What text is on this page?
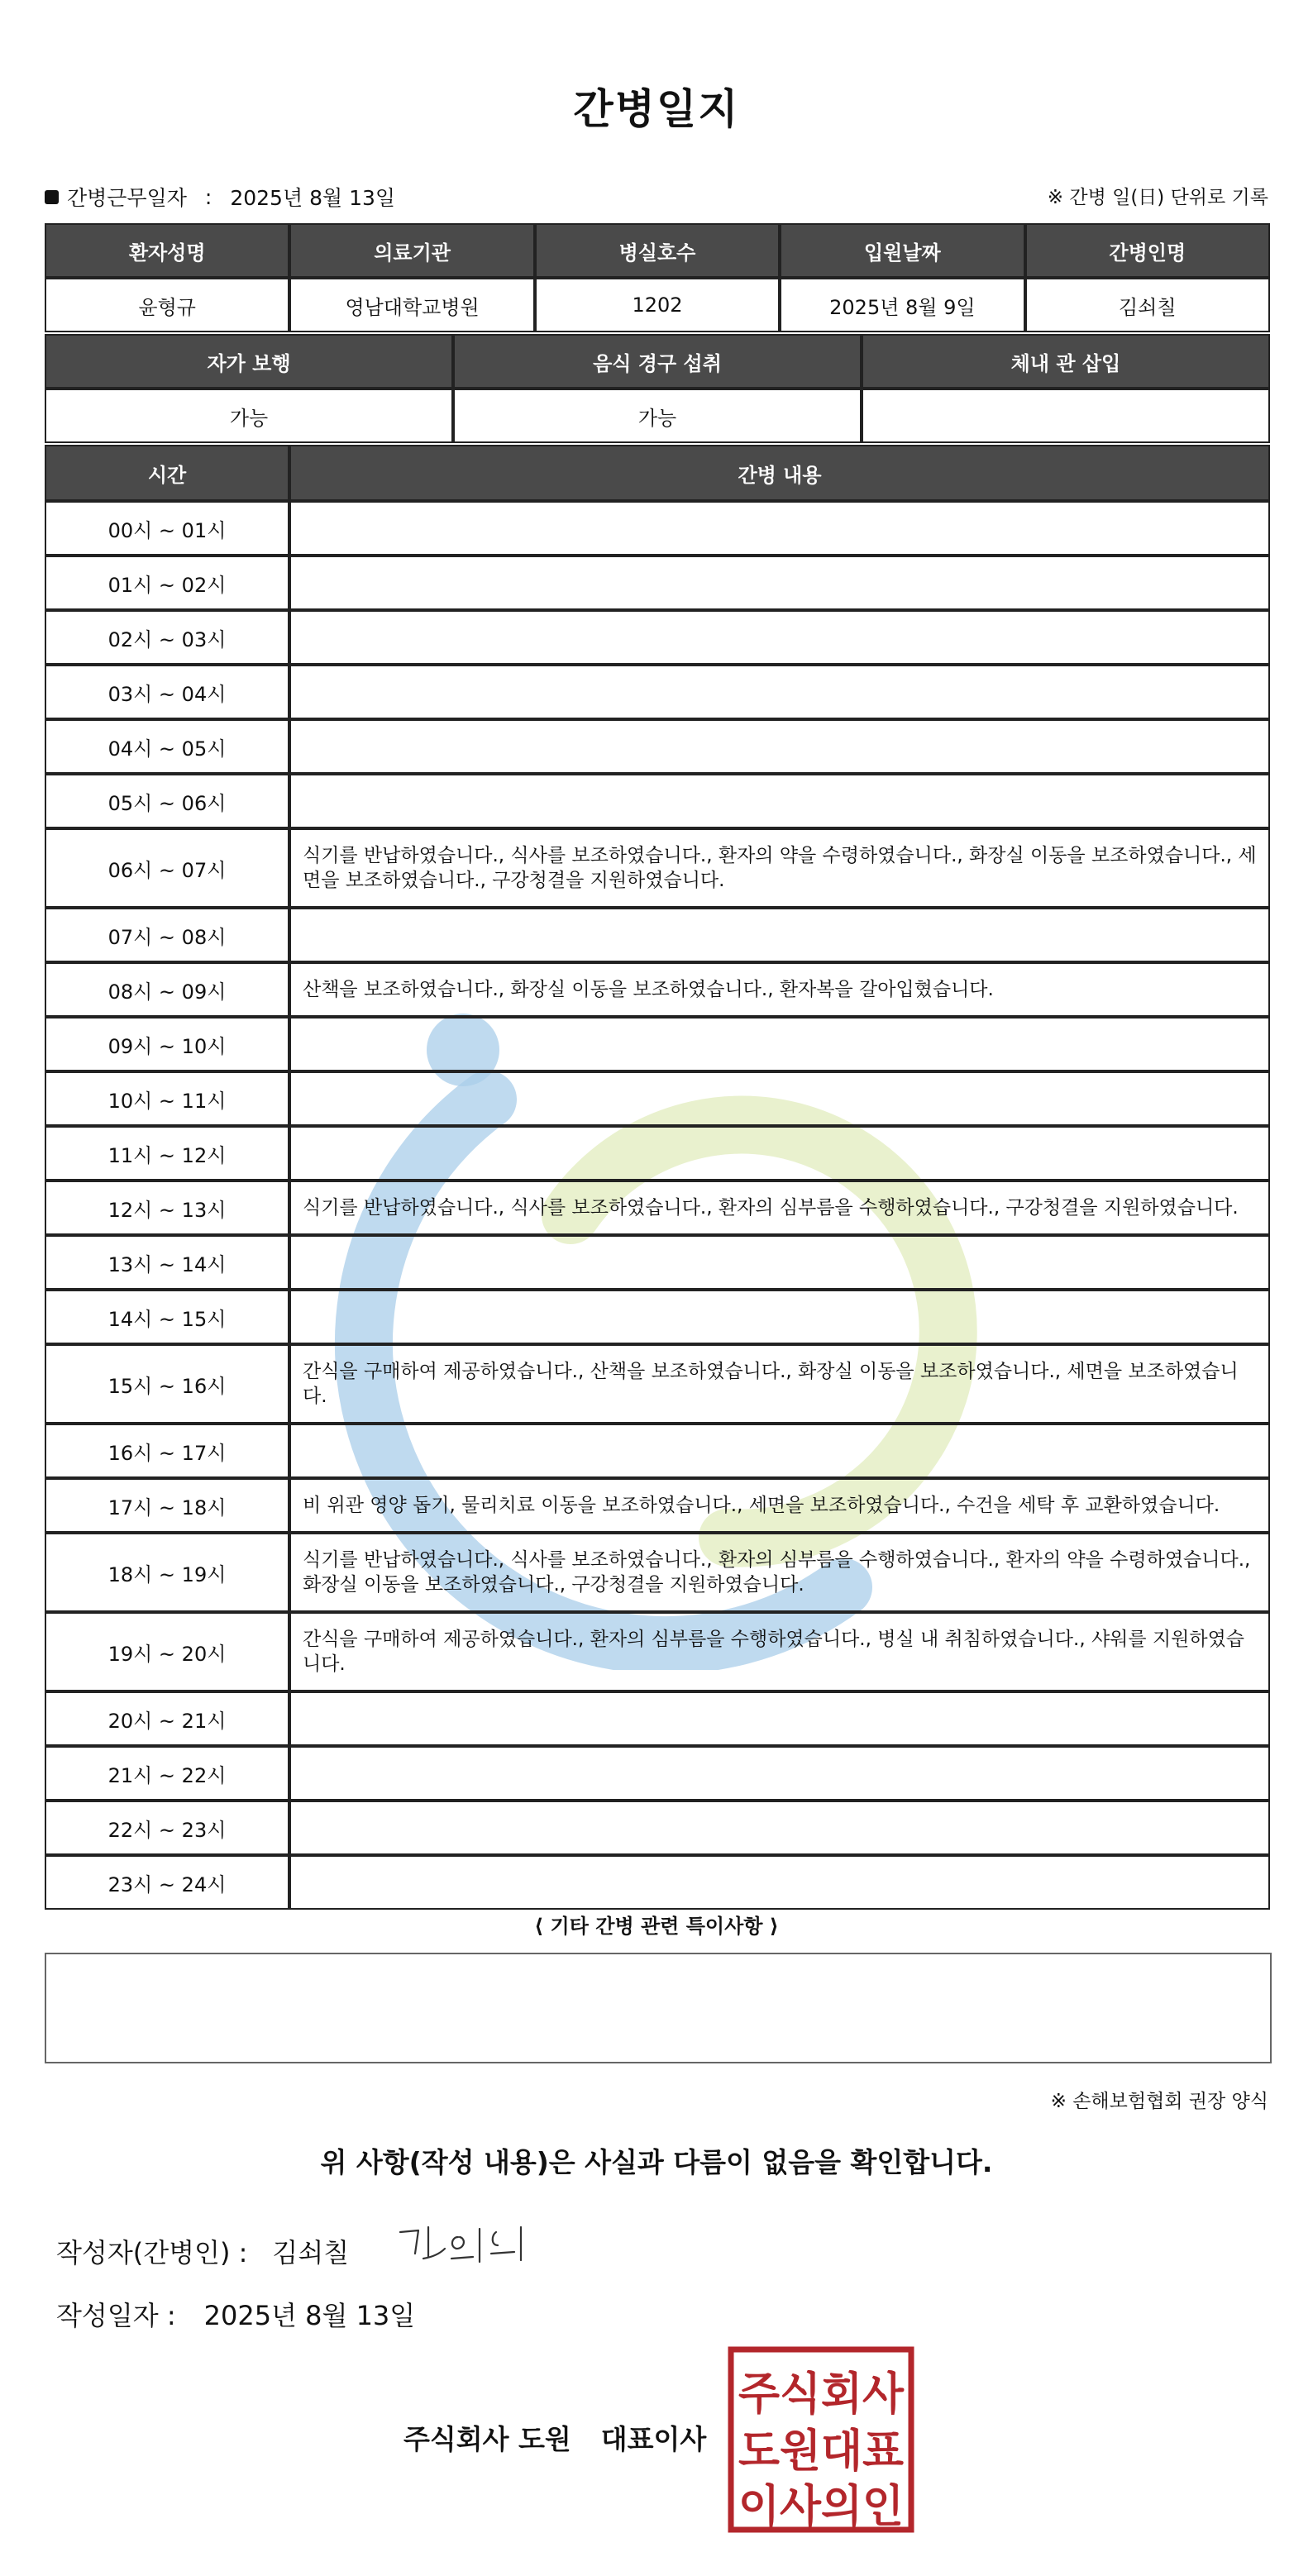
간병일지
간병근무일자 : 2025년 8월 13일	※ 간병 일(日) 단위로 기록
환자성명	의료기관	병실호수	입원날짜	간병인명
윤형규	영남대학교병원	1202	2025년 8월 9일	김쇠칠
자가 보행	음식 경구 섭취	체내 관 삽입
가능	가능	
시간	간병 내용
00시 ~ 01시	
01시 ~ 02시	
02시 ~ 03시	
03시 ~ 04시	
04시 ~ 05시	
05시 ~ 06시	
06시 ~ 07시	식기를 반납하였습니다., 식사를 보조하였습니다., 환자의 약을 수령하였습니다., 화장실 이동을 보조하였습니다., 세면을 보조하였습니다., 구강청결을 지원하였습니다.
07시 ~ 08시	
08시 ~ 09시	산책을 보조하였습니다., 화장실 이동을 보조하였습니다., 환자복을 갈아입혔습니다.
09시 ~ 10시	
10시 ~ 11시	
11시 ~ 12시	
12시 ~ 13시	식기를 반납하였습니다., 식사를 보조하였습니다., 환자의 심부름을 수행하였습니다., 구강청결을 지원하였습니다.
13시 ~ 14시	
14시 ~ 15시	
15시 ~ 16시	간식을 구매하여 제공하였습니다., 산책을 보조하였습니다., 화장실 이동을 보조하였습니다., 세면을 보조하였습니다.
16시 ~ 17시	
17시 ~ 18시	비 위관 영양 돕기, 물리치료 이동을 보조하였습니다., 세면을 보조하였습니다., 수건을 세탁 후 교환하였습니다.
18시 ~ 19시	식기를 반납하였습니다., 식사를 보조하였습니다., 환자의 심부름을 수행하였습니다., 환자의 약을 수령하였습니다., 화장실 이동을 보조하였습니다., 구강청결을 지원하였습니다.
19시 ~ 20시	간식을 구매하여 제공하였습니다., 환자의 심부름을 수행하였습니다., 병실 내 취침하였습니다., 샤워를 지원하였습니다.
20시 ~ 21시	
21시 ~ 22시	
22시 ~ 23시	
23시 ~ 24시	
⟨ 기타 간병 관련 특이사항 ⟩
※ 손해보험협회 권장 양식
위 사항(작성 내용)은 사실과 다름이 없음을 확인합니다.
작성자(간병인) : 김쇠칠
작성일자 : 2025년 8월 13일
주식회사 도원 대표이사
주식회사
도원대표
이사의인
